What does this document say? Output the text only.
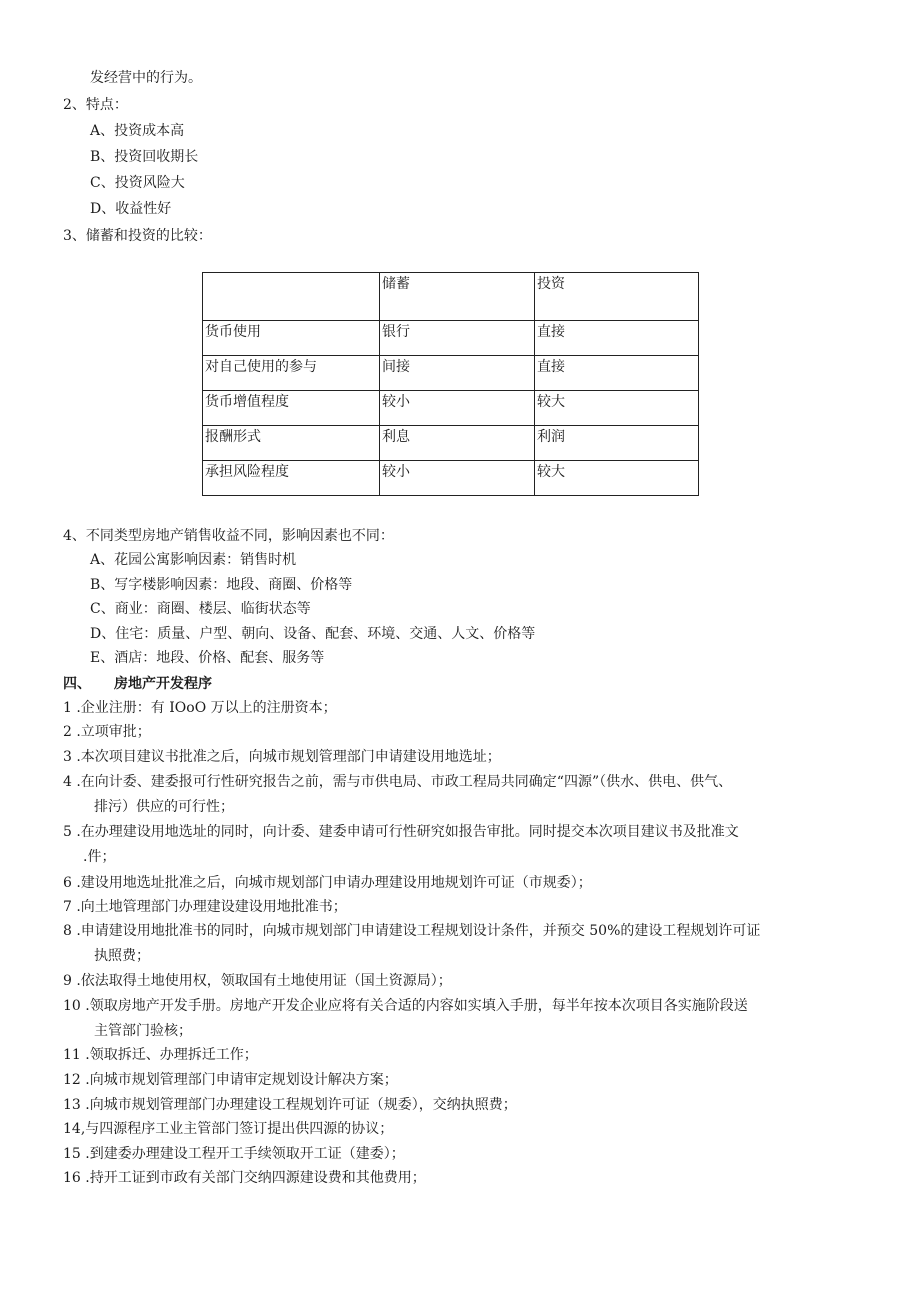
发经营中的行为。
2、特点：
A、投资成本高
B、投资回收期长
C、投资风险大
D、收益性好
3、储蓄和投资的比较：
	储蓄	投资
货币使用	银行	直接
对自己使用的参与	间接	直接
货币增值程度	较小	较大
报酬形式	利息	利润
承担风险程度	较小	较大
4、不同类型房地产销售收益不同，影响因素也不同：
A、花园公寓影响因素：销售时机
B、写字楼影响因素：地段、商圈、价格等
C、商业：商圈、楼层、临街状态等
D、住宅：质量、户型、朝向、设备、配套、环境、交通、人文、价格等
E、酒店：地段、价格、配套、服务等
四、 房地产开发程序
1 .企业注册：有 IOoO 万以上的注册资本；
2 .立项审批；
3 .本次项目建议书批准之后，向城市规划管理部门申请建设用地选址；
4 .在向计委、建委报可行性研究报告之前，需与市供电局、市政工程局共同确定“四源”（供水、供电、供气、
排污）供应的可行性；
5 .在办理建设用地选址的同时，向计委、建委申请可行性研究如报告审批。同时提交本次项目建议书及批准文
.件；
6 .建设用地选址批准之后，向城市规划部门申请办理建设用地规划许可证（市规委）；
7 .向土地管理部门办理建设建设用地批准书；
8 .申请建设用地批准书的同时，向城市规划部门申请建设工程规划设计条件，并预交 50%的建设工程规划许可证
执照费；
9 .依法取得土地使用权，领取国有土地使用证（国土资源局）；
10 .领取房地产开发手册。房地产开发企业应将有关合适的内容如实填入手册，每半年按本次项目各实施阶段送
主管部门验核；
11 .领取拆迁、办理拆迁工作；
12 .向城市规划管理部门申请审定规划设计解决方案；
13 .向城市规划管理部门办理建设工程规划许可证（规委），交纳执照费；
14,与四源程序工业主管部门签订提出供四源的协议；
15 .到建委办理建设工程开工手续领取开工证（建委）；
16 .持开工证到市政有关部门交纳四源建设费和其他费用；
